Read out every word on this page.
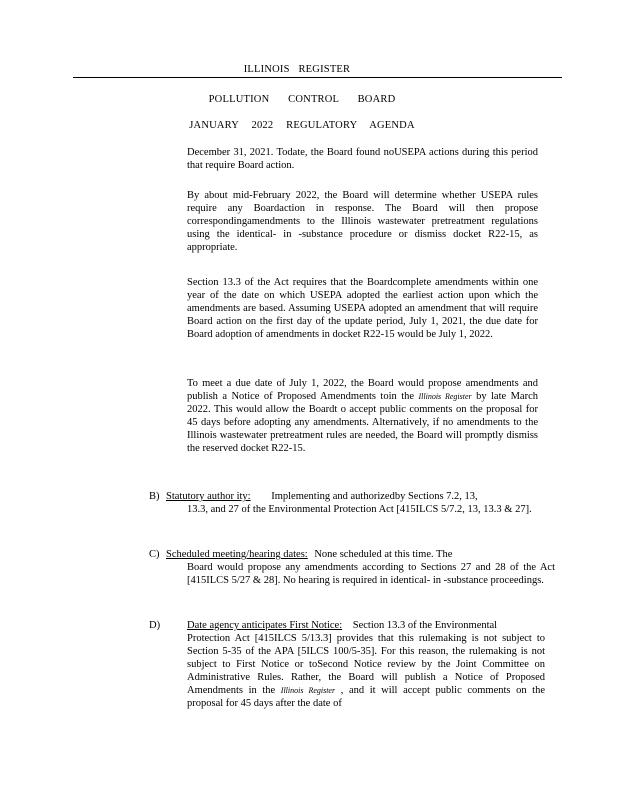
ILLINOIS REGISTER
POLLUTION CONTROL BOARD
JANUARY 2022 REGULATORY AGENDA

December 31, 2021. Todate, the Board found noUSEPA actions during this period that require Board action.

By about mid-February 2022, the Board will determine whether USEPA rules require any Boardaction in response. The Board will then propose correspondingamendments to the Illinois wastewater pretreatment regulations using the identical- in -substance procedure or dismiss docket R22-15, as appropriate.

Section 13.3 of the Act requires that the Boardcomplete amendments within one year of the date on which USEPA adopted the earliest action upon which the amendments are based. Assuming USEPA adopted an amendment that will require Board action on the first day of the update period, July 1, 2021, the due date for Board adoption of amendments in docket R22-15 would be July 1, 2022.

To meet a due date of July 1, 2022, the Board would propose amendments and publish a Notice of Proposed Amendments toin the Illinois Register by late March 2022. This would allow the Boardt o accept public comments on the proposal for 45 days before adopting any amendments. Alternatively, if no amendments to the Illinois wastewater pretreatment rules are needed, the Board will promptly dismiss the reserved docket R22-15.

B) Statutory author ity: Implementing and authorizedby Sections 7.2, 13,
13.3, and 27 of the Environmental Protection Act [415ILCS 5/7.2, 13, 13.3 & 27].
C) Scheduled meeting/hearing dates: None scheduled at this time. The
Board would propose any amendments according to Sections 27 and 28 of the Act [415ILCS 5/27 & 28]. No hearing is required in identical- in -substance proceedings.
D)	Date agency anticipates First Notice: Section 13.3 of the Environmental
Protection Act [415ILCS 5/13.3] provides that this rulemaking is not subject to Section 5-35 of the APA [5ILCS 100/5-35]. For this reason, the rulemaking is not subject to First Notice or toSecond Notice review by the Joint Committee on Administrative Rules. Rather, the Board will publish a Notice of Proposed Amendments in the Illinois Register , and it will accept public comments on the proposal for 45 days after the date of
